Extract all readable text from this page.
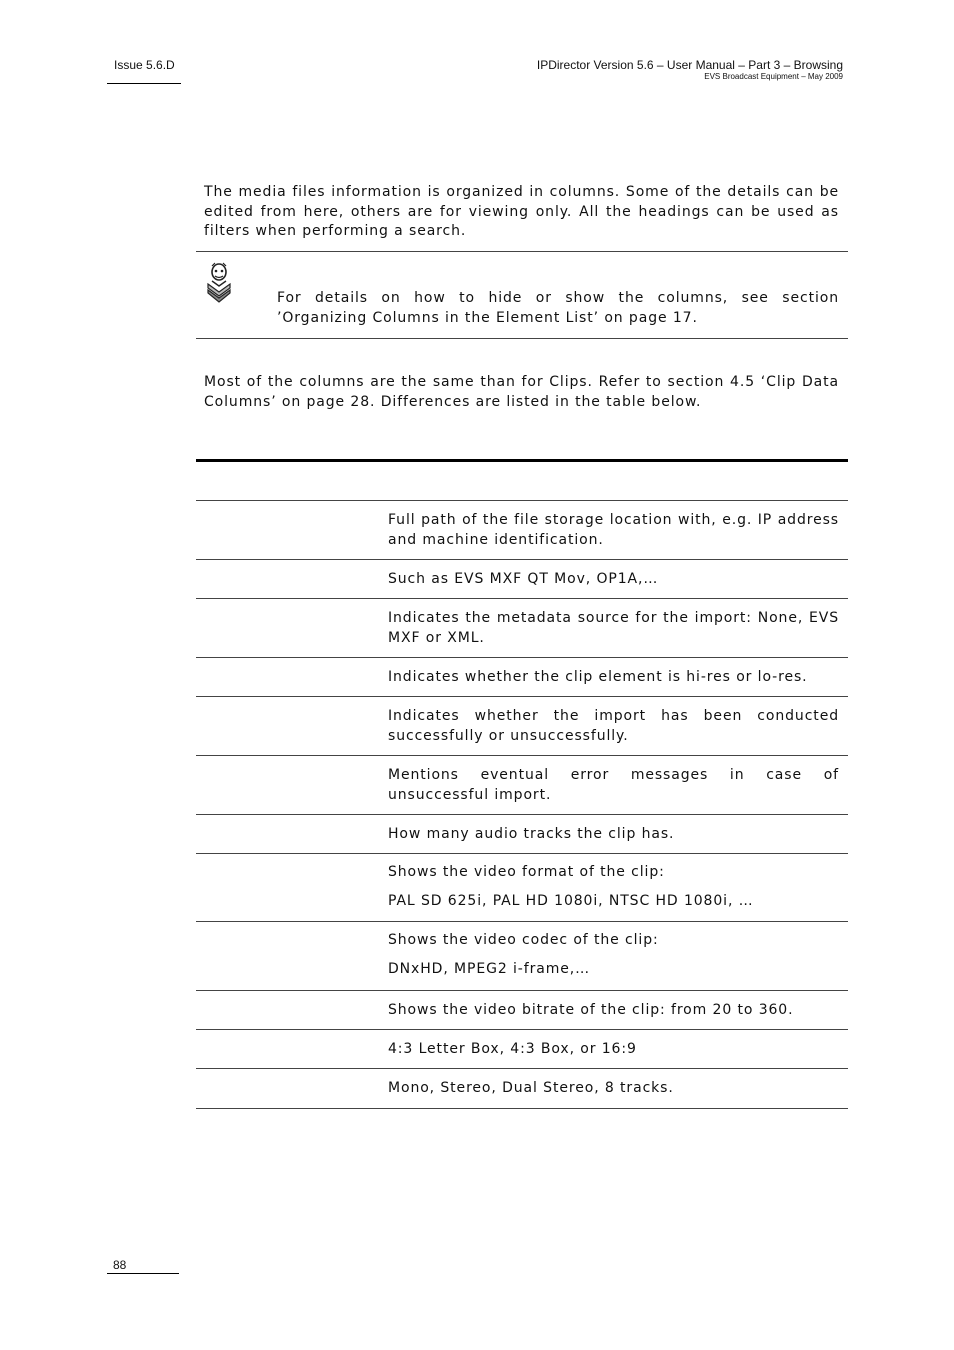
Issue 5.6.D	IPDirector Version 5.6 – User Manual – Part 3 – Browsing
EVS Broadcast Equipment – May 2009
The media files information is organized in columns. Some of the details can be edited from here, others are for viewing only. All the headings can be used as filters when performing a search.
For details on how to hide or show the columns, see section ’Organizing Columns in the Element List’ on page 17.
Most of the columns are the same than for Clips. Refer to section 4.5 ‘Clip Data Columns’ on page 28. Differences are listed in the table below.

Full path of the file storage location with, e.g. IP address and machine identification.

Such as EVS MXF QT Mov, OP1A,…

Indicates the metadata source for the import: None, EVS MXF or XML.

Indicates whether the clip element is hi-res or lo-res.

Indicates whether the import has been conducted successfully or unsuccessfully.

Mentions eventual error messages in case of unsuccessful import.

How many audio tracks the clip has.

Shows the video format of the clip:

PAL SD 625i, PAL HD 1080i, NTSC HD 1080i, …

Shows the video codec of the clip:

DNxHD, MPEG2 i-frame,…

Shows the video bitrate of the clip: from 20 to 360.

4:3 Letter Box, 4:3 Box, or 16:9

Mono, Stereo, Dual Stereo, 8 tracks.

88
